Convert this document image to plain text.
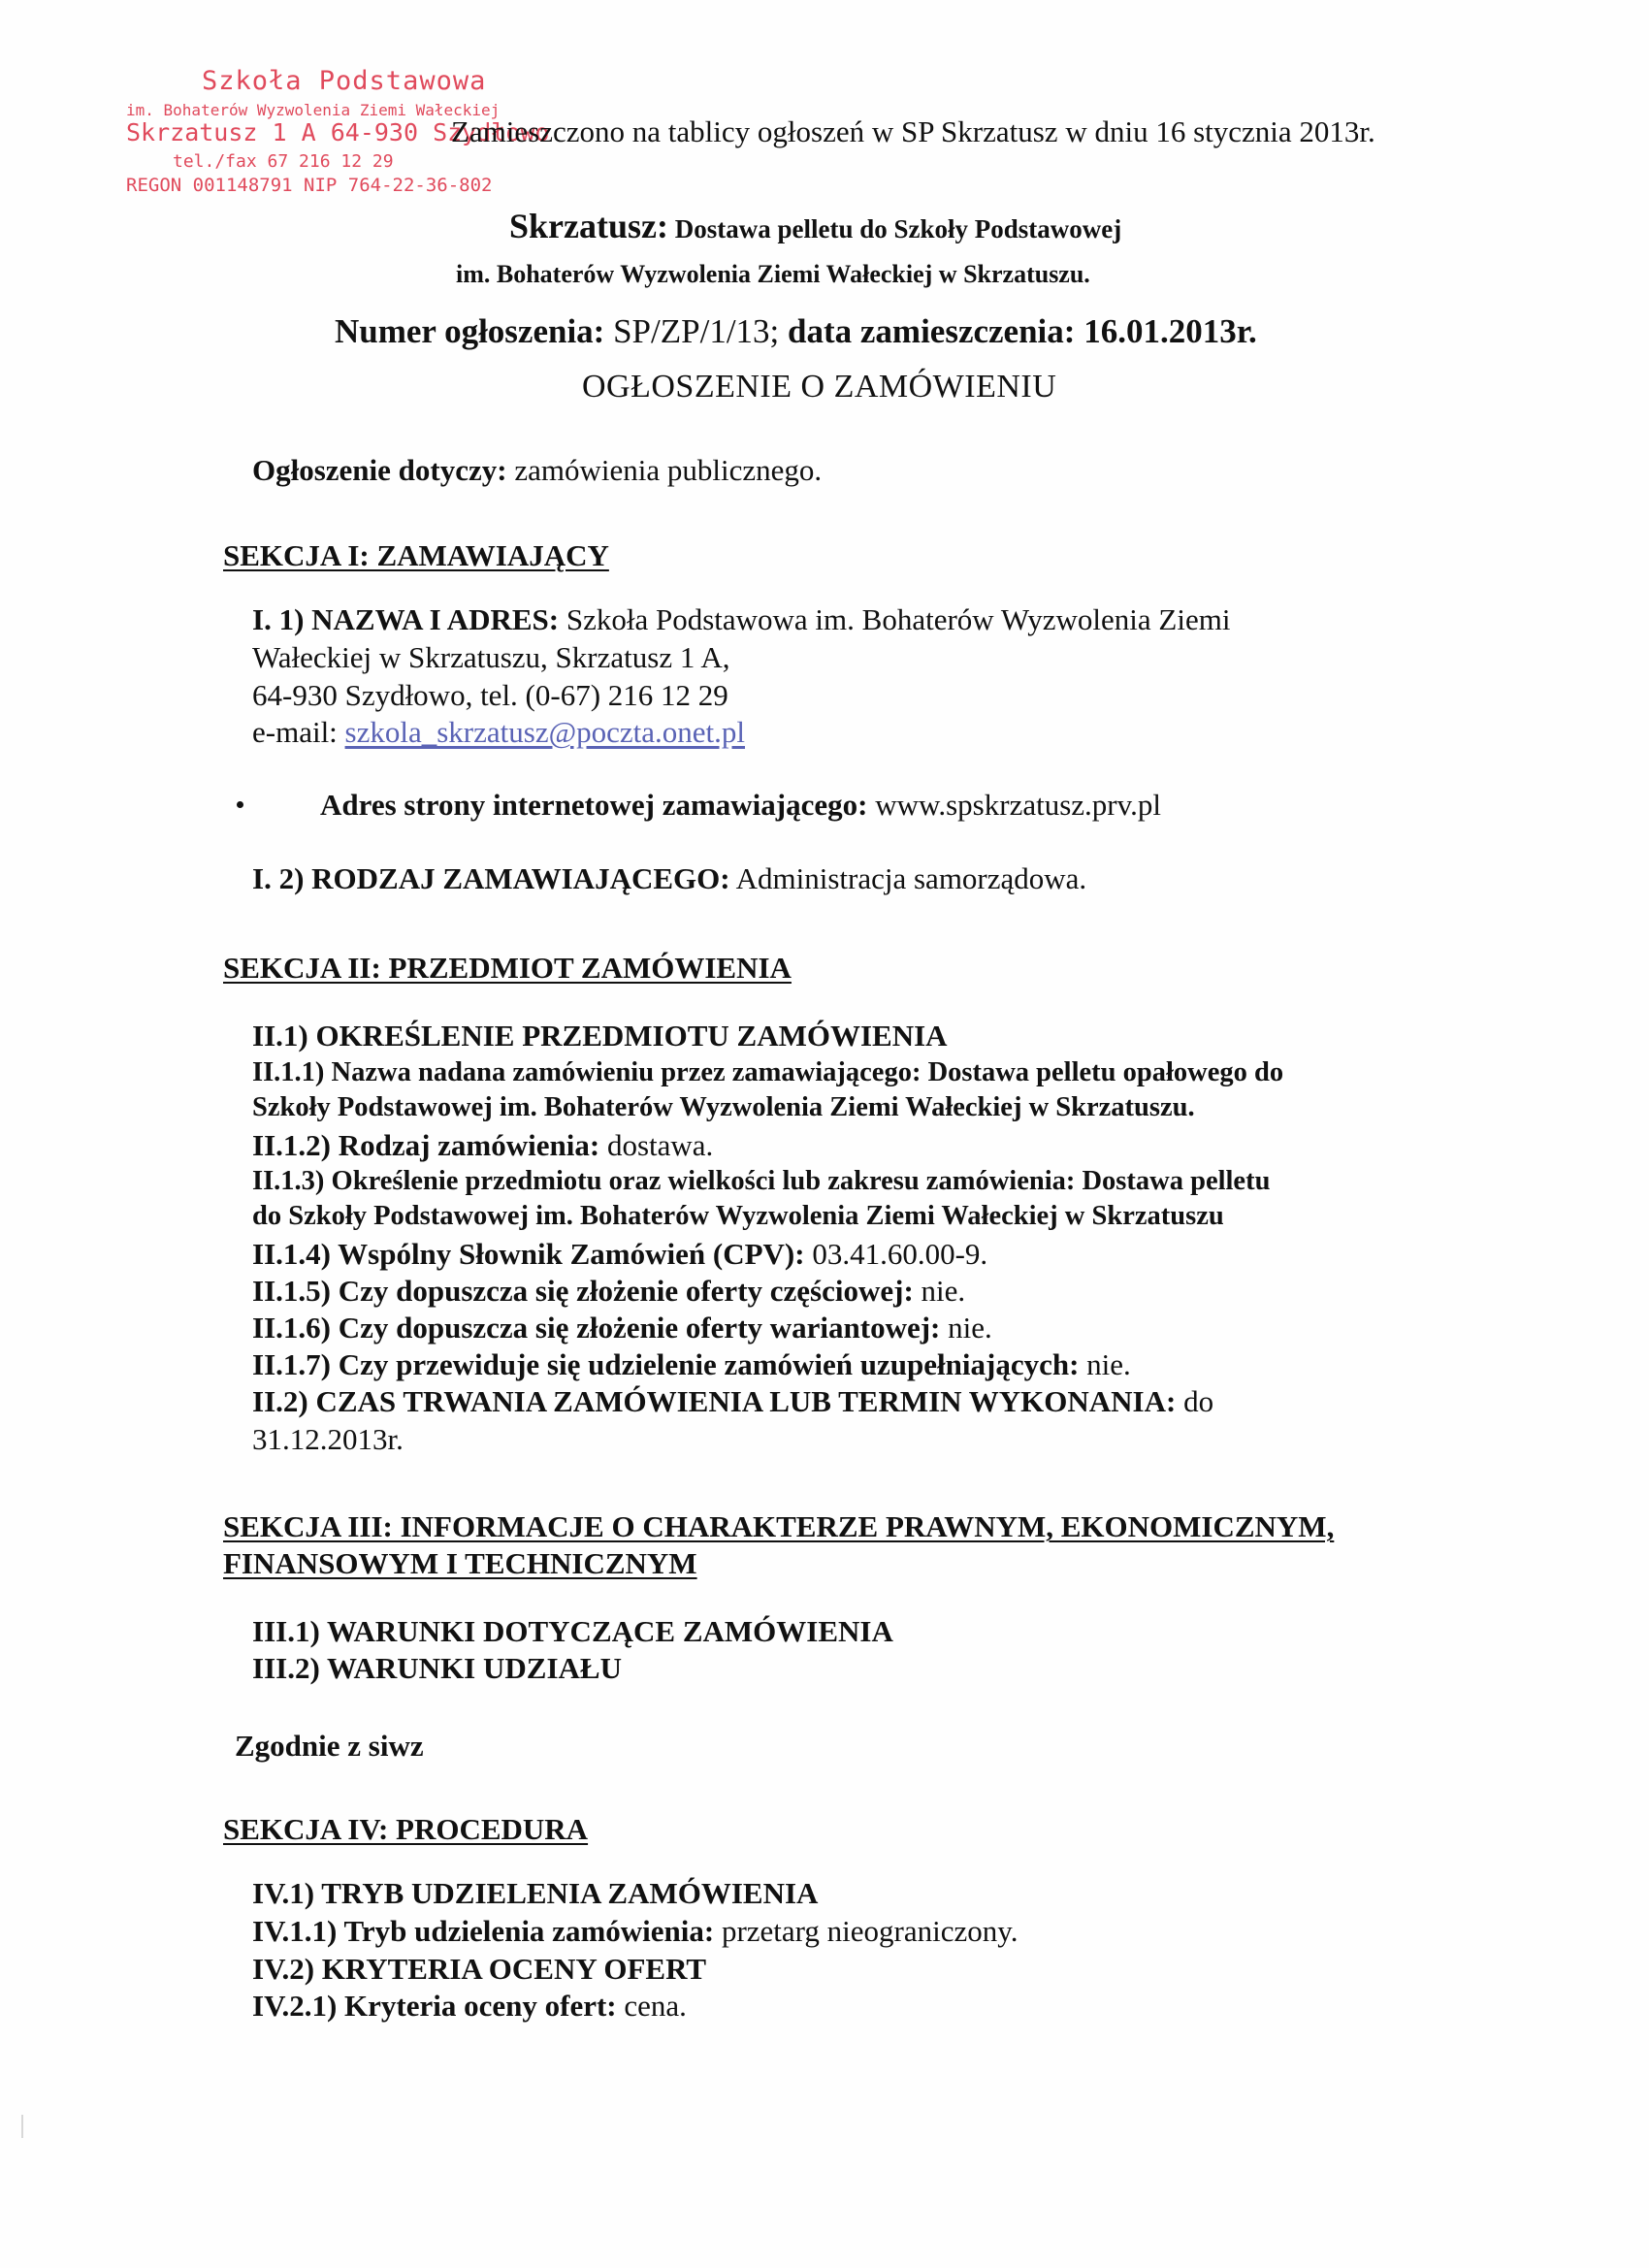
Szkoła Podstawowa
im. Bohaterów Wyzwolenia Ziemi Wałeckiej
Skrzatusz 1 A 64-930 Szydłowo
tel./fax 67 216 12 29
REGON 001148791 NIP 764-22-36-802
Zamieszczono na tablicy ogłoszeń w SP Skrzatusz w dniu 16 stycznia 2013r.
Skrzatusz: Dostawa pelletu do Szkoły Podstawowej
im. Bohaterów Wyzwolenia Ziemi Wałeckiej w Skrzatuszu.
Numer ogłoszenia: SP/ZP/1/13; data zamieszczenia: 16.01.2013r.
OGŁOSZENIE O ZAMÓWIENIU
Ogłoszenie dotyczy: zamówienia publicznego.
SEKCJA I: ZAMAWIAJĄCY
I. 1) NAZWA I ADRES: Szkoła Podstawowa im. Bohaterów Wyzwolenia Ziemi
Wałeckiej w Skrzatuszu, Skrzatusz 1 A,
64-930 Szydłowo, tel. (0-67) 216 12 29
e-mail: szkola_skrzatusz@poczta.onet.pl
Adres strony internetowej zamawiającego: www.spskrzatusz.prv.pl
I. 2) RODZAJ ZAMAWIAJĄCEGO: Administracja samorządowa.
SEKCJA II: PRZEDMIOT ZAMÓWIENIA
II.1) OKREŚLENIE PRZEDMIOTU ZAMÓWIENIA
II.1.1) Nazwa nadana zamówieniu przez zamawiającego: Dostawa pelletu opałowego do
Szkoły Podstawowej im. Bohaterów Wyzwolenia Ziemi Wałeckiej w Skrzatuszu.
II.1.2) Rodzaj zamówienia: dostawa.
II.1.3) Określenie przedmiotu oraz wielkości lub zakresu zamówienia: Dostawa pelletu
do Szkoły Podstawowej im. Bohaterów Wyzwolenia Ziemi Wałeckiej w Skrzatuszu
II.1.4) Wspólny Słownik Zamówień (CPV): 03.41.60.00-9.
II.1.5) Czy dopuszcza się złożenie oferty częściowej: nie.
II.1.6) Czy dopuszcza się złożenie oferty wariantowej: nie.
II.1.7) Czy przewiduje się udzielenie zamówień uzupełniających: nie.
II.2) CZAS TRWANIA ZAMÓWIENIA LUB TERMIN WYKONANIA: do
31.12.2013r.
SEKCJA III: INFORMACJE O CHARAKTERZE PRAWNYM, EKONOMICZNYM,
FINANSOWYM I TECHNICZNYM
III.1) WARUNKI DOTYCZĄCE ZAMÓWIENIA
III.2) WARUNKI UDZIAŁU
Zgodnie z siwz
SEKCJA IV: PROCEDURA
IV.1) TRYB UDZIELENIA ZAMÓWIENIA
IV.1.1) Tryb udzielenia zamówienia: przetarg nieograniczony.
IV.2) KRYTERIA OCENY OFERT
IV.2.1) Kryteria oceny ofert: cena.
